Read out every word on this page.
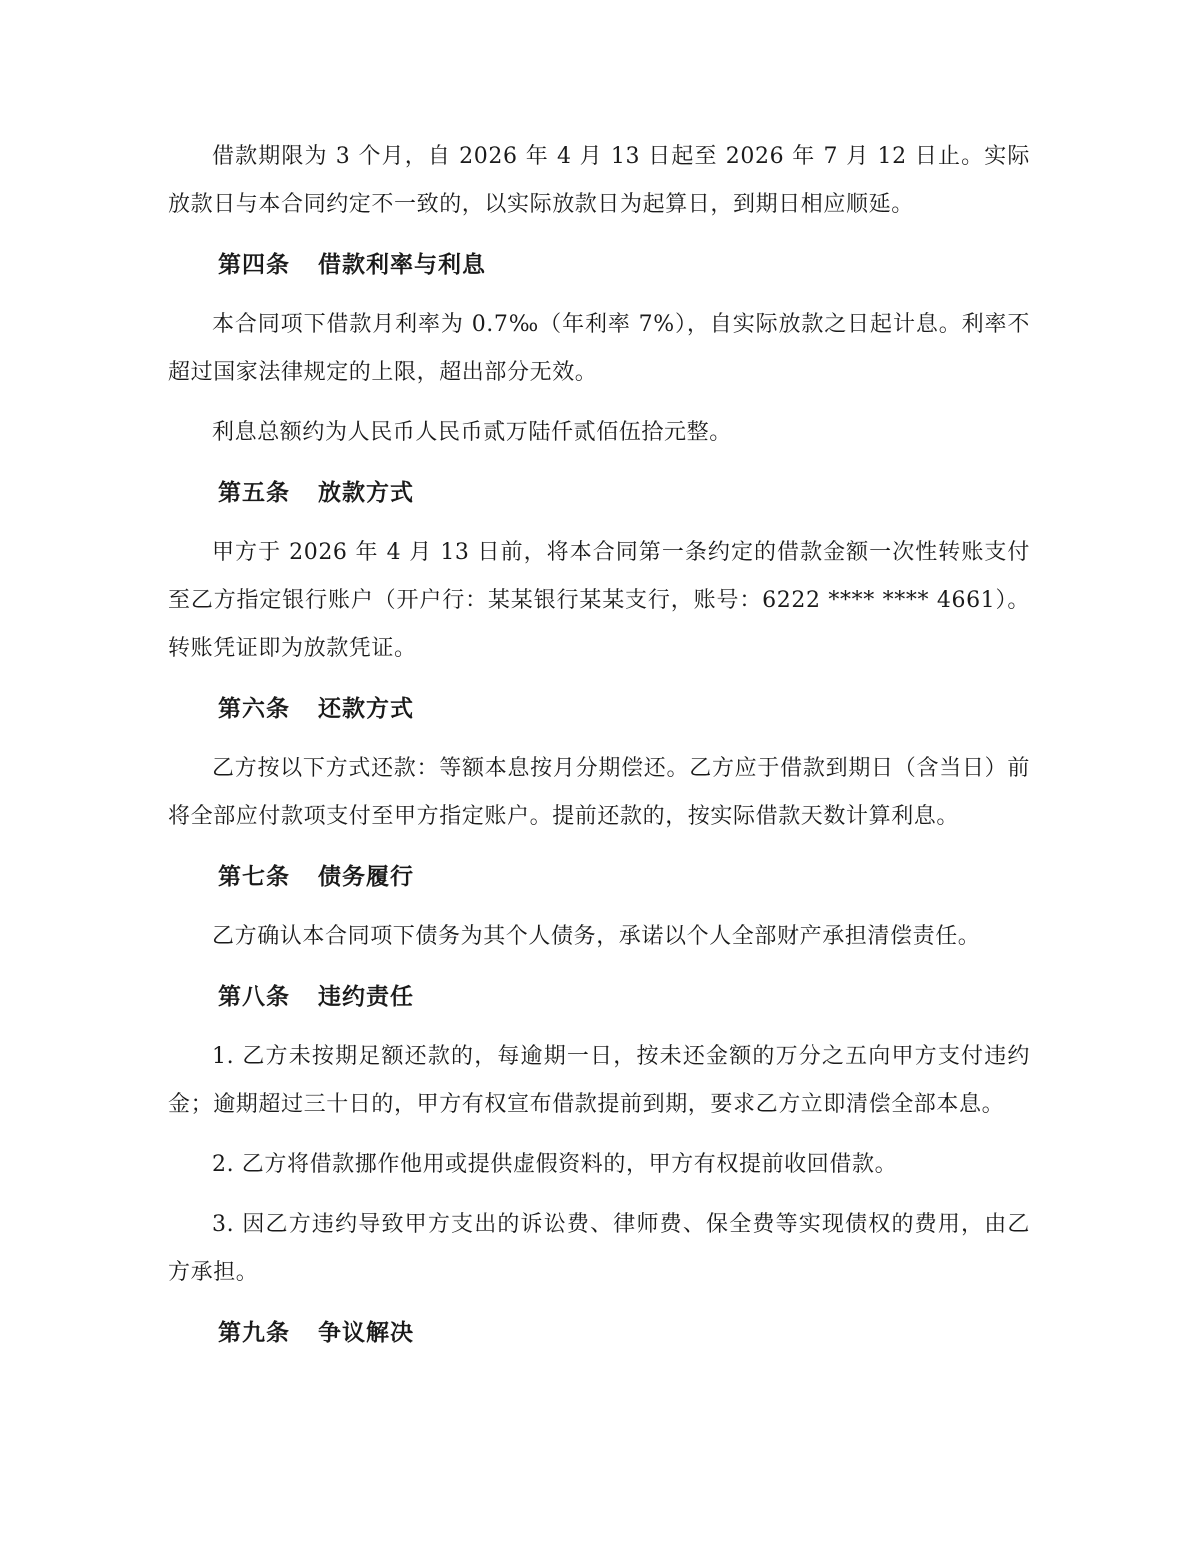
借款期限为 3 个月，自 2026 年 4 月 13 日起至 2026 年 7 月 12 日止。实际放款日与本合同约定不一致的，以实际放款日为起算日，到期日相应顺延。

第四条 借款利率与利息

本合同项下借款月利率为 0.7‰（年利率 7%），自实际放款之日起计息。利率不超过国家法律规定的上限，超出部分无效。

利息总额约为人民币人民币贰万陆仟贰佰伍拾元整。

第五条 放款方式

甲方于 2026 年 4 月 13 日前，将本合同第一条约定的借款金额一次性转账支付至乙方指定银行账户（开户行：某某银行某某支行，账号：6222 **** **** 4661）。转账凭证即为放款凭证。

第六条 还款方式

乙方按以下方式还款：等额本息按月分期偿还。乙方应于借款到期日（含当日）前将全部应付款项支付至甲方指定账户。提前还款的，按实际借款天数计算利息。

第七条 债务履行

乙方确认本合同项下债务为其个人债务，承诺以个人全部财产承担清偿责任。

第八条 违约责任

1. 乙方未按期足额还款的，每逾期一日，按未还金额的万分之五向甲方支付违约金；逾期超过三十日的，甲方有权宣布借款提前到期，要求乙方立即清偿全部本息。

2. 乙方将借款挪作他用或提供虚假资料的，甲方有权提前收回借款。

3. 因乙方违约导致甲方支出的诉讼费、律师费、保全费等实现债权的费用，由乙方承担。

第九条 争议解决
